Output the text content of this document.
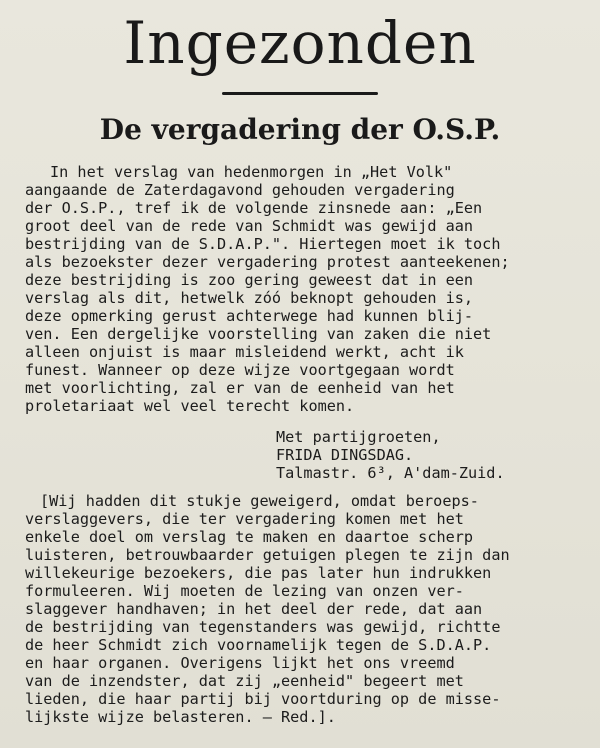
Ingezonden
De vergadering der O.S.P.
In het verslag van hedenmorgen in „Het Volk"
aangaande de Zaterdagavond gehouden vergadering
der O.S.P., tref ik de volgende zinsnede aan: „Een
groot deel van de rede van Schmidt was gewijd aan
bestrijding van de S.D.A.P.". Hiertegen moet ik toch
als bezoekster dezer vergadering protest aanteekenen;
deze bestrijding is zoo gering geweest dat in een
verslag als dit, hetwelk zóó beknopt gehouden is,
deze opmerking gerust achterwege had kunnen blij-
ven. Een dergelijke voorstelling van zaken die niet
alleen onjuist is maar misleidend werkt, acht ik
funest. Wanneer op deze wijze voortgegaan wordt
met voorlichting, zal er van de eenheid van het
proletariaat wel veel terecht komen.
Met partijgroeten,
FRIDA DINGSDAG.
Talmastr. 6³, A'dam-Zuid.
[Wij hadden dit stukje geweigerd, omdat beroeps-
verslaggevers, die ter vergadering komen met het
enkele doel om verslag te maken en daartoe scherp
luisteren, betrouwbaarder getuigen plegen te zijn dan
willekeurige bezoekers, die pas later hun indrukken
formuleeren. Wij moeten de lezing van onzen ver-
slaggever handhaven; in het deel der rede, dat aan
de bestrijding van tegenstanders was gewijd, richtte
de heer Schmidt zich voornamelijk tegen de S.D.A.P.
en haar organen. Overigens lijkt het ons vreemd
van de inzendster, dat zij „eenheid" begeert met
lieden, die haar partij bij voortduring op de misse-
lijkste wijze belasteren. — Red.].
